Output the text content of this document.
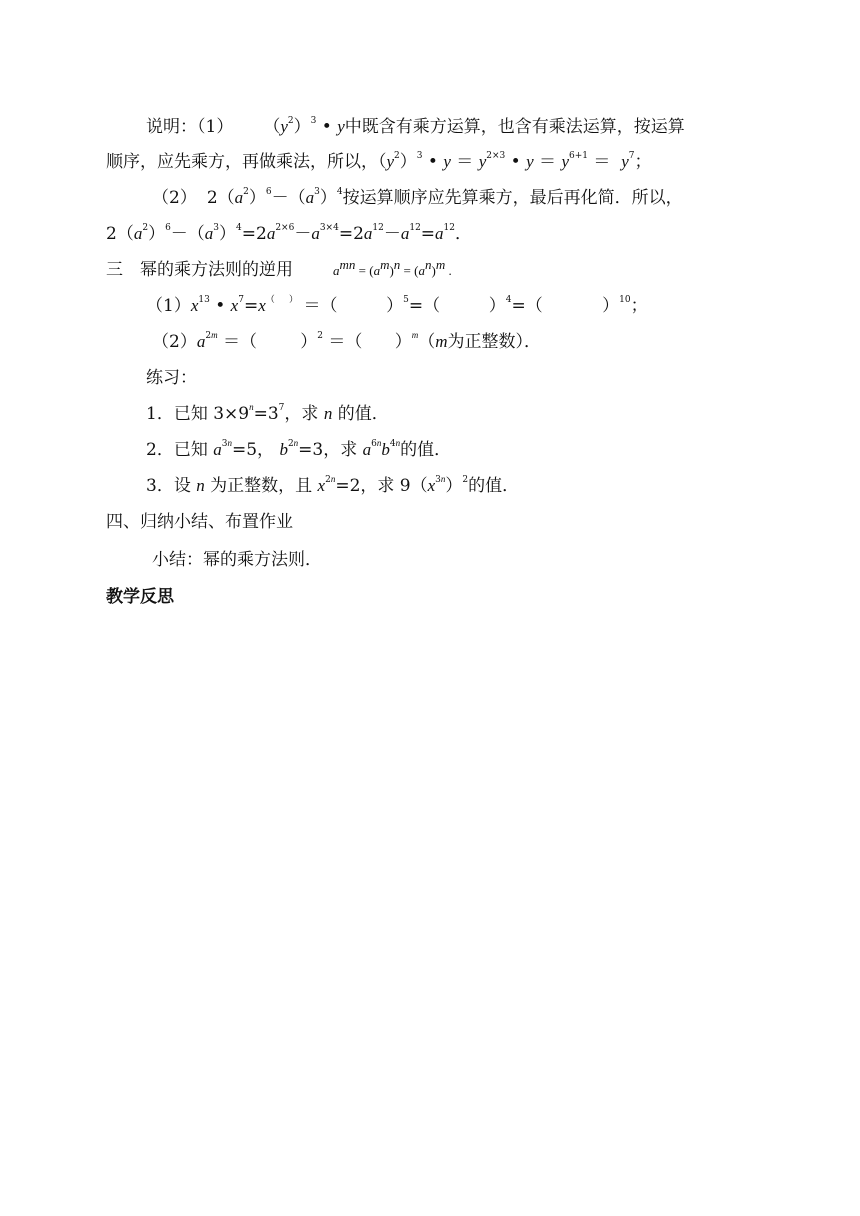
说明：（1） $(y^2)^3$ • y中既含有乘方运算，也含有乘法运算，按运算
顺序，应先乘方，再做乘法，所以，$(y^2)^3$ • $y = y^{2\times 3}$ • $y = y^{6+1} = y^7$；
（2） $2(a^2)^6-(a^3)^4$按运算顺序应先算乘方，最后再化简．所以，
$2(a^2)^6-(a^3)^4=2a^{2\times 6}-a^{3\times 4}=2a^{12}-a^{12}=a^{12}$．
三　幂的乘方法则的逆用	$a^{mn} = (a^m)^n = (a^n)^m$ .
$(1)x^{13}$ • $x^7=x^{( )}$ ＝（         ）$^5$=（         ）$^4$=（           ）$^{10}$；
$(2)a^{2m}$ ＝（        ）$^2$ ＝（      ）$^m$（m为正整数）．
练习：
1．已知 $3\times 9^n=3^7$，求 n 的值．
2．已知 $a^{3n}=5$， $b^{2n}=3$，求 $a^{6n}b^{4n}$的值．
3．设 n 为正整数，且 $x^{2n}=2$，求 $9(x^{3n})^2$的值．
四、归纳小结、布置作业
小结：幂的乘方法则．
教学反思
